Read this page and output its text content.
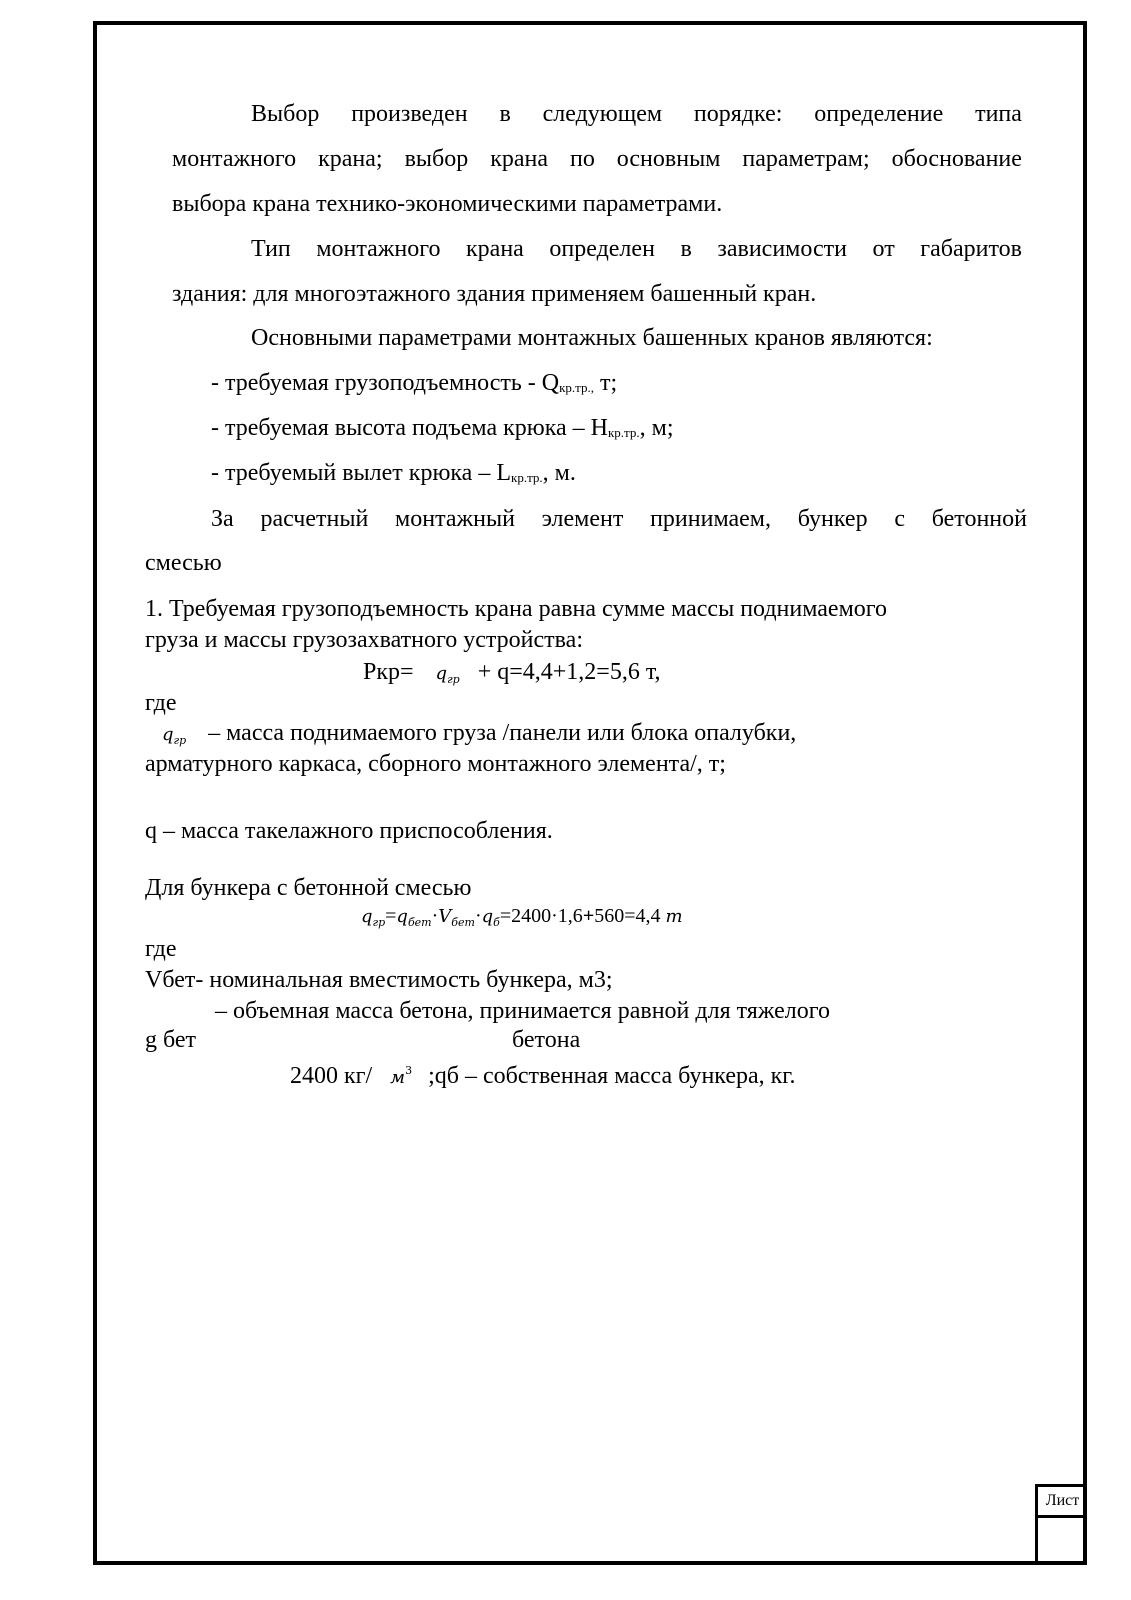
Выбор произведен в следующем порядке: определение типа
монтажного крана; выбор крана по основным параметрам; обоснование
выбора крана технико-экономическими параметрами.
Тип монтажного крана определен в зависимости от габаритов
здания: для многоэтажного здания применяем башенный кран.
Основными параметрами монтажных башенных кранов являются:
- требуемая грузоподъемность - Qкр.тр., т;
- требуемая высота подъема крюка – Hкр.тр., м;
- требуемый вылет крюка – Lкр.тр., м.
За расчетный монтажный элемент принимаем, бункер с бетонной
смесью
1. Требуемая грузоподъемность крана равна сумме массы поднимаемого
груза и массы грузозахватного устройства:
Ркр= qгр + q=4,4+1,2=5,6 т,
где
qгр – масса поднимаемого груза /панели или блока опалубки,
арматурного каркаса, сборного монтажного элемента/, т;
q – масса такелажного приспособления.
Для бункера с бетонной смесью
$q_{гр}=q_{бет}\cdot V_{бет}\cdot q_б=2400\cdot 1,6+560=4,4$ т
где
Vбет- номинальная вместимость бункера, м3;
– объемная масса бетона, принимается равной для тяжелого
g бет	бетона
2400 кг/ $м^3$ ;qб – собственная масса бункера, кг.
Лист
